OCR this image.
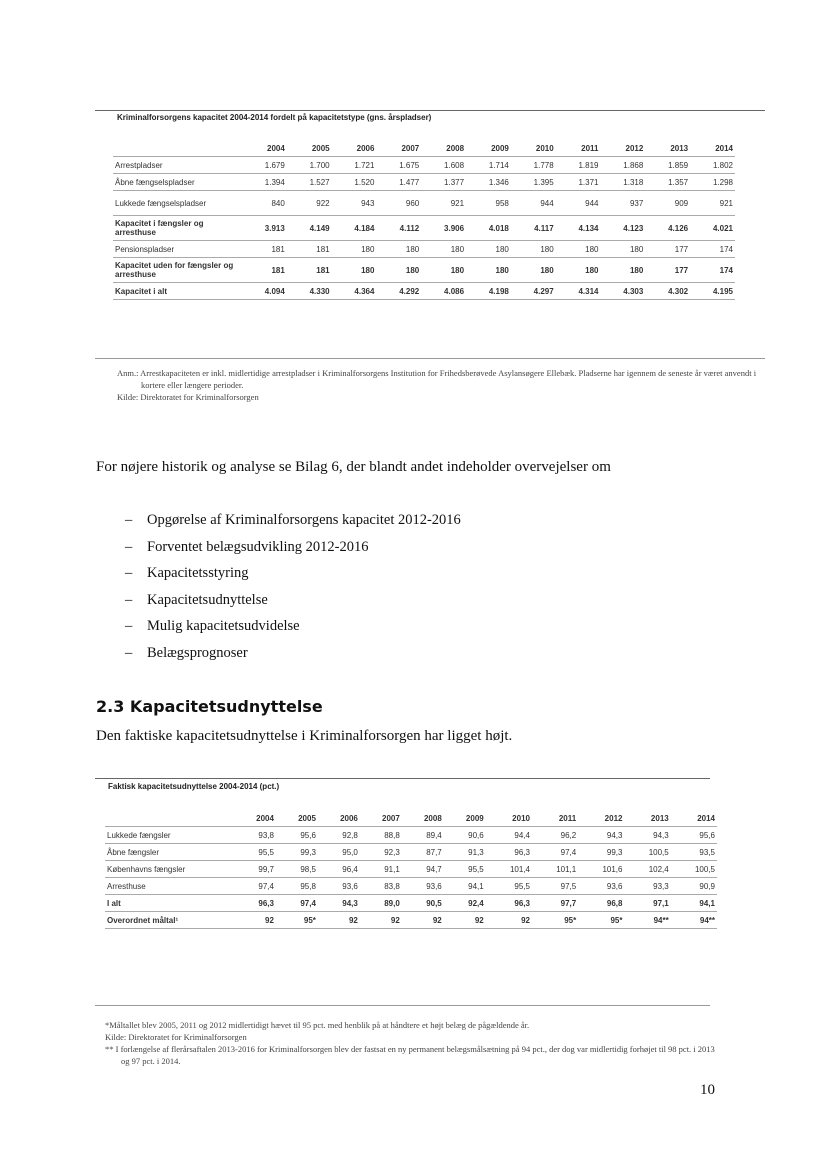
Kriminalforsorgens kapacitet 2004-2014 fordelt på kapacitetstype (gns. årspladser)
	2004	2005	2006	2007	2008	2009	2010	2011	2012	2013	2014
Arrestpladser	1.679	1.700	1.721	1.675	1.608	1.714	1.778	1.819	1.868	1.859	1.802
Åbne fængselspladser	1.394	1.527	1.520	1.477	1.377	1.346	1.395	1.371	1.318	1.357	1.298
Lukkede fængselspladser	840	922	943	960	921	958	944	944	937	909	921
Kapacitet i fængsler og arresthuse	3.913	4.149	4.184	4.112	3.906	4.018	4.117	4.134	4.123	4.126	4.021
Pensionspladser	181	181	180	180	180	180	180	180	180	177	174
Kapacitet uden for fængsler og arresthuse	181	181	180	180	180	180	180	180	180	177	174
Kapacitet i alt	4.094	4.330	4.364	4.292	4.086	4.198	4.297	4.314	4.303	4.302	4.195
Anm.: Arrestkapaciteten er inkl. midlertidige arrestpladser i Kriminalforsorgens Institution for Frihedsberøvede Asylansøgere Ellebæk. Pladserne har igennem de seneste år været anvendt i kortere eller længere perioder.
Kilde: Direktoratet for Kriminalforsorgen
For nøjere historik og analyse se Bilag 6, der blandt andet indeholder overvejelser om
– Opgørelse af Kriminalforsorgens kapacitet 2012-2016
– Forventet belægsudvikling 2012-2016
– Kapacitetsstyring
– Kapacitetsudnyttelse
– Mulig kapacitetsudvidelse
– Belægsprognoser
2.3 Kapacitetsudnyttelse
Den faktiske kapacitetsudnyttelse i Kriminalforsorgen har ligget højt.
Faktisk kapacitetsudnyttelse 2004-2014 (pct.)
	2004	2005	2006	2007	2008	2009	2010	2011	2012	2013	2014
Lukkede fængsler	93,8	95,6	92,8	88,8	89,4	90,6	94,4	96,2	94,3	94,3	95,6
Åbne fængsler	95,5	99,3	95,0	92,3	87,7	91,3	96,3	97,4	99,3	100,5	93,5
Københavns fængsler	99,7	98,5	96,4	91,1	94,7	95,5	101,4	101,1	101,6	102,4	100,5
Arresthuse	97,4	95,8	93,6	83,8	93,6	94,1	95,5	97,5	93,6	93,3	90,9
I alt	96,3	97,4	94,3	89,0	90,5	92,4	96,3	97,7	96,8	97,1	94,1
Overordnet måltal¹	92	95*	92	92	92	92	92	95*	95*	94**	94**
*Måltallet blev 2005, 2011 og 2012 midlertidigt hævet til 95 pct. med henblik på at håndtere et højt belæg de pågældende år.
Kilde: Direktoratet for Kriminalforsorgen
** I forlængelse af flerårsaftalen 2013-2016 for Kriminalforsorgen blev der fastsat en ny permanent belægsmålsætning på 94 pct., der dog var midlertidig forhøjet til 98 pct. i 2013 og 97 pct. i 2014.
10
